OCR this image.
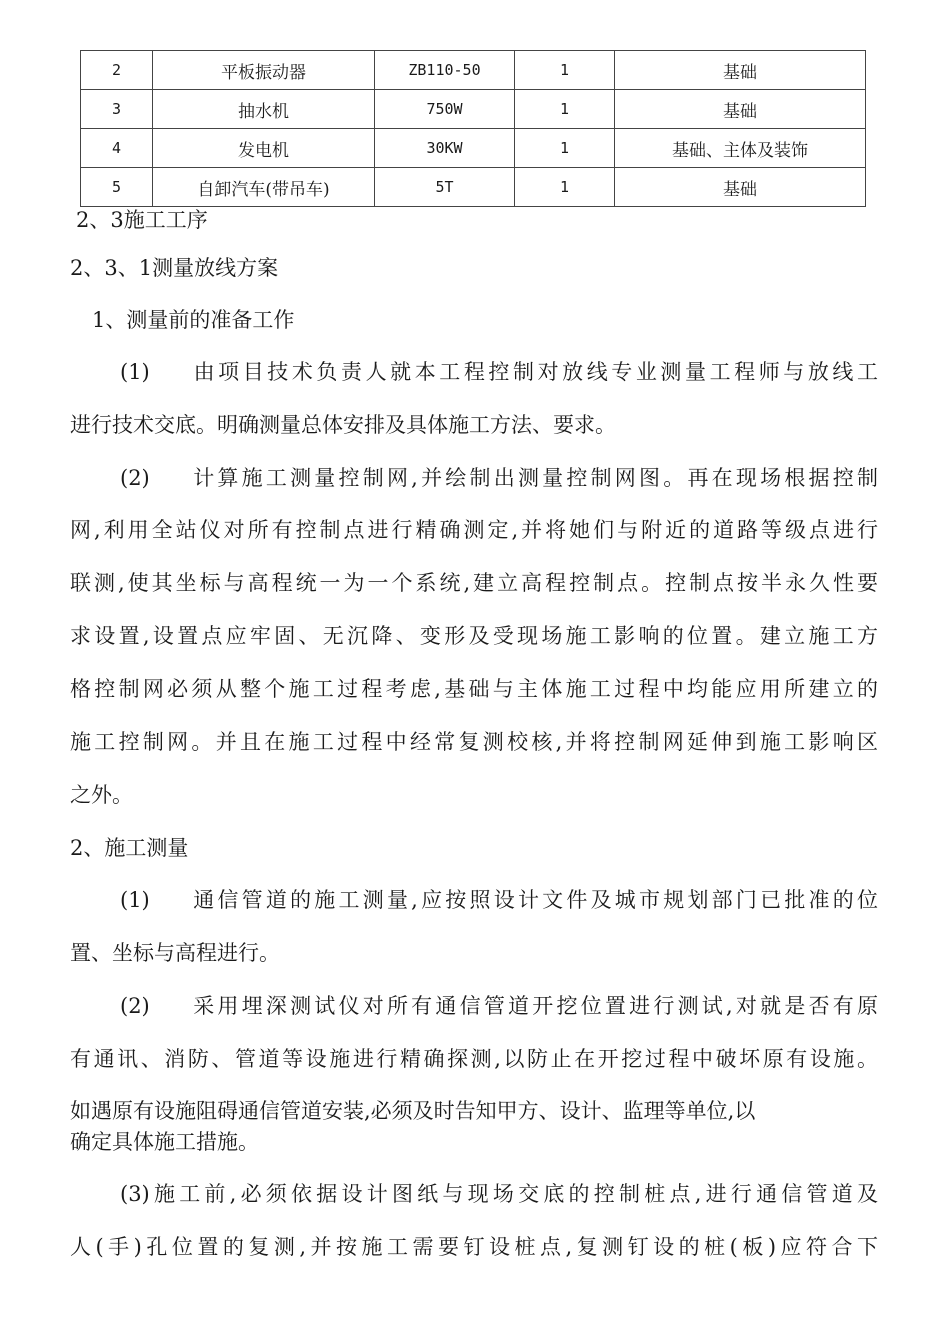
2	平板振动器	ZB110-50	1	基础
3	抽水机	750W	1	基础
4	发电机	30KW	1	基础、主体及装饰
5	自卸汽车(带吊车)	5T	1	基础
2、3施工工序
2、3、1测量放线方案
1、测量前的准备工作
(1) 由项目技术负责人就本工程控制对放线专业测量工程师与放线工
进行技术交底。明确测量总体安排及具体施工方法、要求。
(2) 计算施工测量控制网,并绘制出测量控制网图。再在现场根据控制
网,利用全站仪对所有控制点进行精确测定,并将她们与附近的道路等级点进行
联测,使其坐标与高程统一为一个系统,建立高程控制点。控制点按半永久性要
求设置,设置点应牢固、无沉降、变形及受现场施工影响的位置。建立施工方
格控制网必须从整个施工过程考虑,基础与主体施工过程中均能应用所建立的
施工控制网。并且在施工过程中经常复测校核,并将控制网延伸到施工影响区
之外。
2、施工测量
(1) 通信管道的施工测量,应按照设计文件及城市规划部门已批准的位
置、坐标与高程进行。
(2) 采用埋深测试仪对所有通信管道开挖位置进行测试,对就是否有原
有通讯、消防、管道等设施进行精确探测,以防止在开挖过程中破坏原有设施。
如遇原有设施阻碍通信管道安装,必须及时告知甲方、设计、监理等单位,以
确定具体施工措施。
(3)施工前,必须依据设计图纸与现场交底的控制桩点,进行通信管道及
人(手)孔位置的复测,并按施工需要钉设桩点,复测钉设的桩(板)应符合下
